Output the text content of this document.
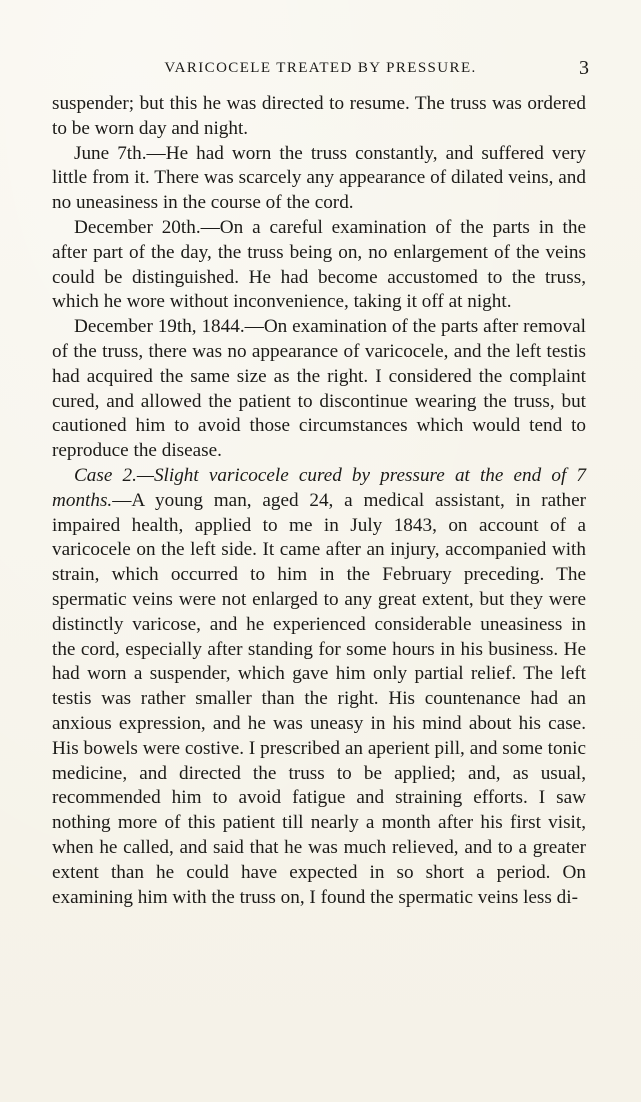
VARICOCELE TREATED BY PRESSURE.	3

suspender; but this he was directed to resume. The truss was ordered to be worn day and night.

June 7th.—He had worn the truss constantly, and suffered very little from it. There was scarcely any appearance of dilated veins, and no uneasiness in the course of the cord.

December 20th.—On a careful examination of the parts in the after part of the day, the truss being on, no enlargement of the veins could be distinguished. He had become accustomed to the truss, which he wore without inconvenience, taking it off at night.

December 19th, 1844.—On examination of the parts after removal of the truss, there was no appearance of varicocele, and the left testis had acquired the same size as the right. I considered the complaint cured, and allowed the patient to discontinue wearing the truss, but cautioned him to avoid those circumstances which would tend to reproduce the disease.

Case 2.—Slight varicocele cured by pressure at the end of 7 months.—A young man, aged 24, a medical assistant, in rather impaired health, applied to me in July 1843, on account of a varicocele on the left side. It came after an injury, accompanied with strain, which occurred to him in the February preceding. The spermatic veins were not enlarged to any great extent, but they were distinctly varicose, and he experienced considerable uneasiness in the cord, especially after standing for some hours in his business. He had worn a suspender, which gave him only partial relief. The left testis was rather smaller than the right. His countenance had an anxious expression, and he was uneasy in his mind about his case. His bowels were costive. I prescribed an aperient pill, and some tonic medicine, and directed the truss to be applied; and, as usual, recommended him to avoid fatigue and straining efforts. I saw nothing more of this patient till nearly a month after his first visit, when he called, and said that he was much relieved, and to a greater extent than he could have expected in so short a period. On examining him with the truss on, I found the spermatic veins less di-
